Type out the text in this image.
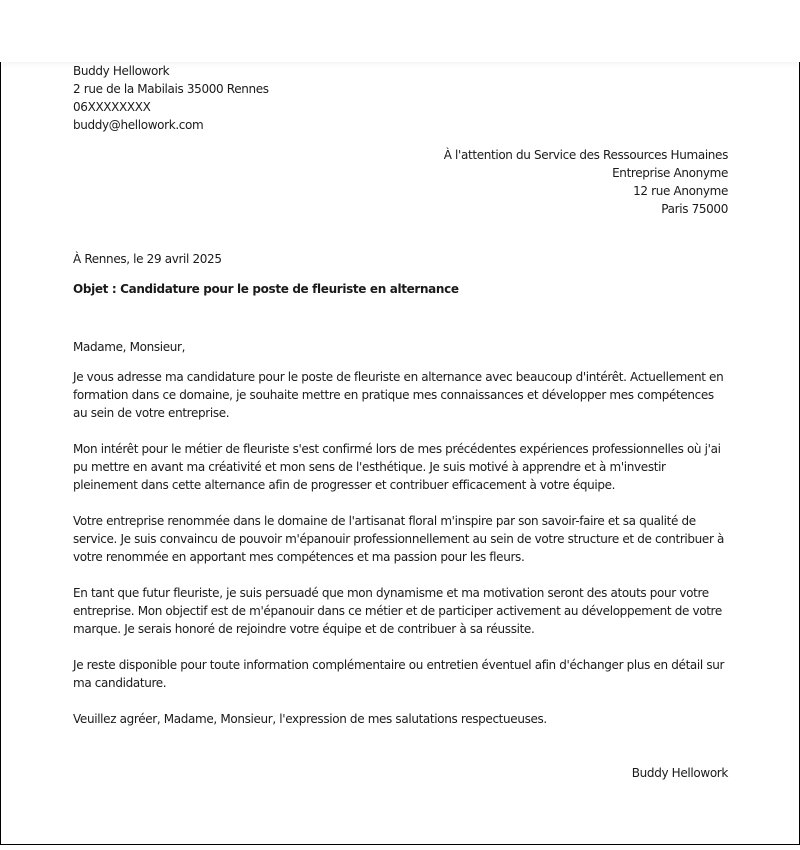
Buddy Hellowork
2 rue de la Mabilais 35000 Rennes
06XXXXXXXX
buddy@hellowork.com
À l'attention du Service des Ressources Humaines
Entreprise Anonyme
12 rue Anonyme
Paris 75000
À Rennes, le 29 avril 2025
Objet : Candidature pour le poste de fleuriste en alternance
Madame, Monsieur,
Je vous adresse ma candidature pour le poste de fleuriste en alternance avec beaucoup d'intérêt. Actuellement en formation dans ce domaine, je souhaite mettre en pratique mes connaissances et développer mes compétences au sein de votre entreprise.
Mon intérêt pour le métier de fleuriste s'est confirmé lors de mes précédentes expériences professionnelles où j'ai pu mettre en avant ma créativité et mon sens de l'esthétique. Je suis motivé à apprendre et à m'investir pleinement dans cette alternance afin de progresser et contribuer efficacement à votre équipe.
Votre entreprise renommée dans le domaine de l'artisanat floral m'inspire par son savoir-faire et sa qualité de service. Je suis convaincu de pouvoir m'épanouir professionnellement au sein de votre structure et de contribuer à votre renommée en apportant mes compétences et ma passion pour les fleurs.
En tant que futur fleuriste, je suis persuadé que mon dynamisme et ma motivation seront des atouts pour votre entreprise. Mon objectif est de m'épanouir dans ce métier et de participer activement au développement de votre marque. Je serais honoré de rejoindre votre équipe et de contribuer à sa réussite.
Je reste disponible pour toute information complémentaire ou entretien éventuel afin d'échanger plus en détail sur ma candidature.
Veuillez agréer, Madame, Monsieur, l'expression de mes salutations respectueuses.
Buddy Hellowork
